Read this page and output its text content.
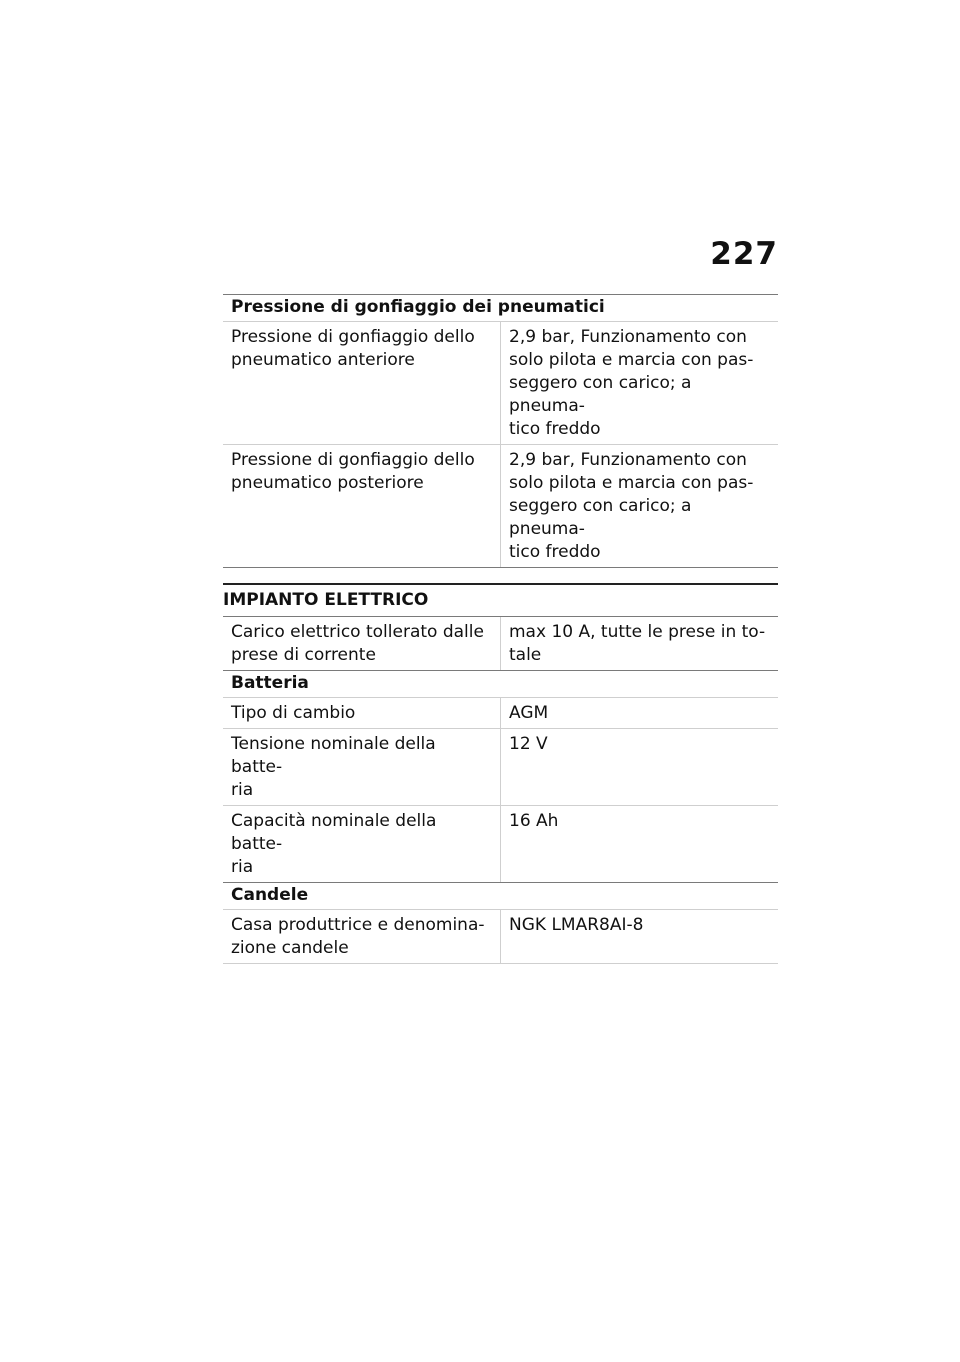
227
Pressione di gonfiaggio dei pneumatici	
Pressione di gonfiaggio dello
pneumatico anteriore	2,9 bar, Funzionamento con
solo pilota e marcia con pas-
seggero con carico; a pneuma-
tico freddo
Pressione di gonfiaggio dello
pneumatico posteriore	2,9 bar, Funzionamento con
solo pilota e marcia con pas-
seggero con carico; a pneuma-
tico freddo
IMPIANTO ELETTRICO
Carico elettrico tollerato dalle
prese di corrente	max 10 A, tutte le prese in to-
tale
Batteria	
Tipo di cambio	AGM
Tensione nominale della batte-
ria	12 V
Capacità nominale della batte-
ria	16 Ah
Candele	
Casa produttrice e denomina-
zione candele	NGK LMAR8AI-8
